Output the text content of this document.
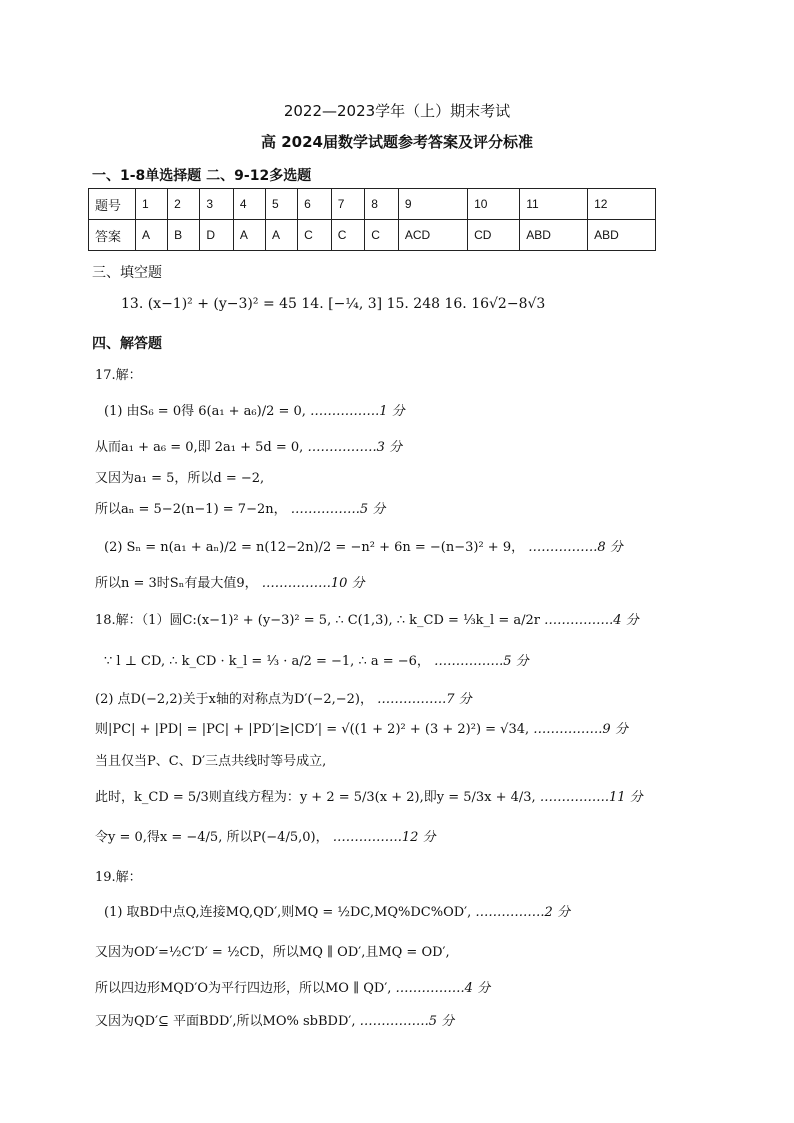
2022—2023学年（上）期末考试
高 2024届数学试题参考答案及评分标准
一、1-8单选择题 二、9-12多选题
题号	1	2	3	4	5	6	7	8	9	10	11	12
答案	A	B	D	A	A	C	C	C	ACD	CD	ABD	ABD
三、填空题
13. (x−1)² + (y−3)² = 45 14. [−¼, 3] 15. 248 16. 16√2−8√3
四、解答题
17.解：
(1) 由S₆ = 0得 6(a₁ + a₆)/2 = 0, …………….1 分
从而a₁ + a₆ = 0,即 2a₁ + 5d = 0, …………….3 分
又因为a₁ = 5，所以d = −2,
所以aₙ = 5−2(n−1) = 7−2n， …………….5 分
(2) Sₙ = n(a₁ + aₙ)/2 = n(12−2n)/2 = −n² + 6n = −(n−3)² + 9， …………….8 分
所以n = 3时Sₙ有最大值9， …………….10 分
18.解：（1）圆C:(x−1)² + (y−3)² = 5, ∴ C(1,3), ∴ k_CD = ⅓k_l = a/2r …………….4 分
∵ l ⊥ CD, ∴ k_CD · k_l = ⅓ · a/2 = −1, ∴ a = −6， …………….5 分
(2) 点D(−2,2)关于x轴的对称点为D′(−2,−2)， …………….7 分
则|PC| + |PD| = |PC| + |PD′|≥|CD′| = √((1 + 2)² + (3 + 2)²) = √34, …………….9 分
当且仅当P、C、D′三点共线时等号成立,
此时，k_CD = 5/3则直线方程为：y + 2 = 5/3(x + 2),即y = 5/3x + 4/3, …………….11 分
令y = 0,得x = −4/5, 所以P(−4/5,0)， …………….12 分
19.解：
(1) 取BD中点Q,连接MQ,QD′,则MQ = ½DC,MQ%DC%OD′, …………….2 分
又因为OD′=½C′D′ = ½CD，所以MQ ∥ OD′,且MQ = OD′,
所以四边形MQD′O为平行四边形，所以MO ∥ QD′, …………….4 分
又因为QD′⊆ 平面BDD′,所以MO% sbBDD′, …………….5 分
